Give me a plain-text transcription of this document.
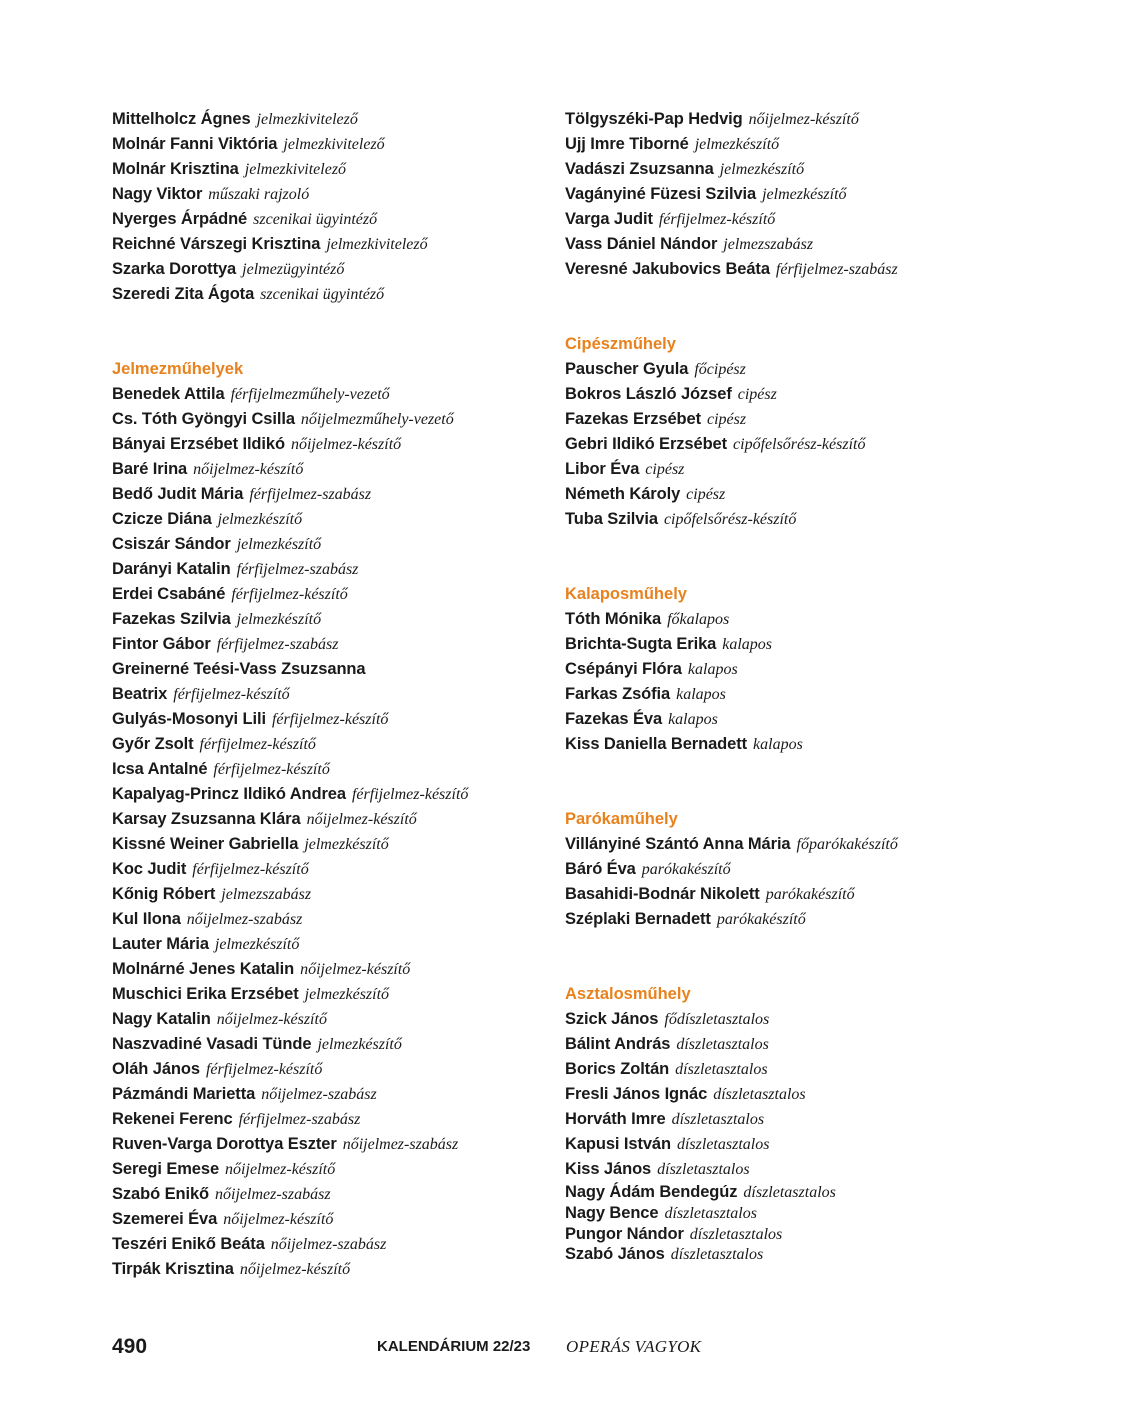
Mittelholcz Ágnes jelmezkivitelező
Molnár Fanni Viktória jelmezkivitelező
Molnár Krisztina jelmezkivitelező
Nagy Viktor műszaki rajzoló
Nyerges Árpádné szcenikai ügyintéző
Reichné Várszegi Krisztina jelmezkivitelező
Szarka Dorottya jelmezügyintéző
Szeredi Zita Ágota szcenikai ügyintéző
Jelmezműhelyek
Benedek Attila férfijelmezműhely-vezető
Cs. Tóth Gyöngyi Csilla nőijelmezműhely-vezető
Bányai Erzsébet Ildikó nőijelmez-készítő
Baré Irina nőijelmez-készítő
Bedő Judit Mária férfijelmez-szabász
Czicze Diána jelmezkészítő
Csiszár Sándor jelmezkészítő
Darányi Katalin férfijelmez-szabász
Erdei Csabáné férfijelmez-készítő
Fazekas Szilvia jelmezkészítő
Fintor Gábor férfijelmez-szabász
Greinerné Teési-Vass Zsuzsanna
Beatrix férfijelmez-készítő
Gulyás-Mosonyi Lili férfijelmez-készítő
Győr Zsolt férfijelmez-készítő
Icsa Antalné férfijelmez-készítő
Kapalyag-Princz Ildikó Andrea férfijelmez-készítő
Karsay Zsuzsanna Klára nőijelmez-készítő
Kissné Weiner Gabriella jelmezkészítő
Koc Judit férfijelmez-készítő
Kőnig Róbert jelmezszabász
Kul Ilona nőijelmez-szabász
Lauter Mária jelmezkészítő
Molnárné Jenes Katalin nőijelmez-készítő
Muschici Erika Erzsébet jelmezkészítő
Nagy Katalin nőijelmez-készítő
Naszvadiné Vasadi Tünde jelmezkészítő
Oláh János férfijelmez-készítő
Pázmándi Marietta nőijelmez-szabász
Rekenei Ferenc férfijelmez-szabász
Ruven-Varga Dorottya Eszter nőijelmez-szabász
Seregi Emese nőijelmez-készítő
Szabó Enikő nőijelmez-szabász
Szemerei Éva nőijelmez-készítő
Teszéri Enikő Beáta nőijelmez-szabász
Tirpák Krisztina nőijelmez-készítő
Tölgyszéki-Pap Hedvig nőijelmez-készítő
Ujj Imre Tiborné jelmezkészítő
Vadászi Zsuzsanna jelmezkészítő
Vagányiné Füzesi Szilvia jelmezkészítő
Varga Judit férfijelmez-készítő
Vass Dániel Nándor jelmezszabász
Veresné Jakubovics Beáta férfijelmez-szabász
Cipészműhely
Pauscher Gyula főcipész
Bokros László József cipész
Fazekas Erzsébet cipész
Gebri Ildikó Erzsébet cipőfelsőrész-készítő
Libor Éva cipész
Németh Károly cipész
Tuba Szilvia cipőfelsőrész-készítő
Kalaposműhely
Tóth Mónika főkalapos
Brichta-Sugta Erika kalapos
Csépányi Flóra kalapos
Farkas Zsófia kalapos
Fazekas Éva kalapos
Kiss Daniella Bernadett kalapos
Parókaműhely
Villányiné Szántó Anna Mária főparókakészítő
Báró Éva parókakészítő
Basahidi-Bodnár Nikolett parókakészítő
Széplaki Bernadett parókakészítő
Asztalosműhely
Szick János fődíszletasztalos
Bálint András díszletasztalos
Borics Zoltán díszletasztalos
Fresli János Ignác díszletasztalos
Horváth Imre díszletasztalos
Kapusi István díszletasztalos
Kiss János díszletasztalos
Nagy Ádám Bendegúz díszletasztalos
Nagy Bence díszletasztalos
Pungor Nándor díszletasztalos
Szabó János díszletasztalos
490	KALENDÁRIUM 22/23 OPERÁS VAGYOK
